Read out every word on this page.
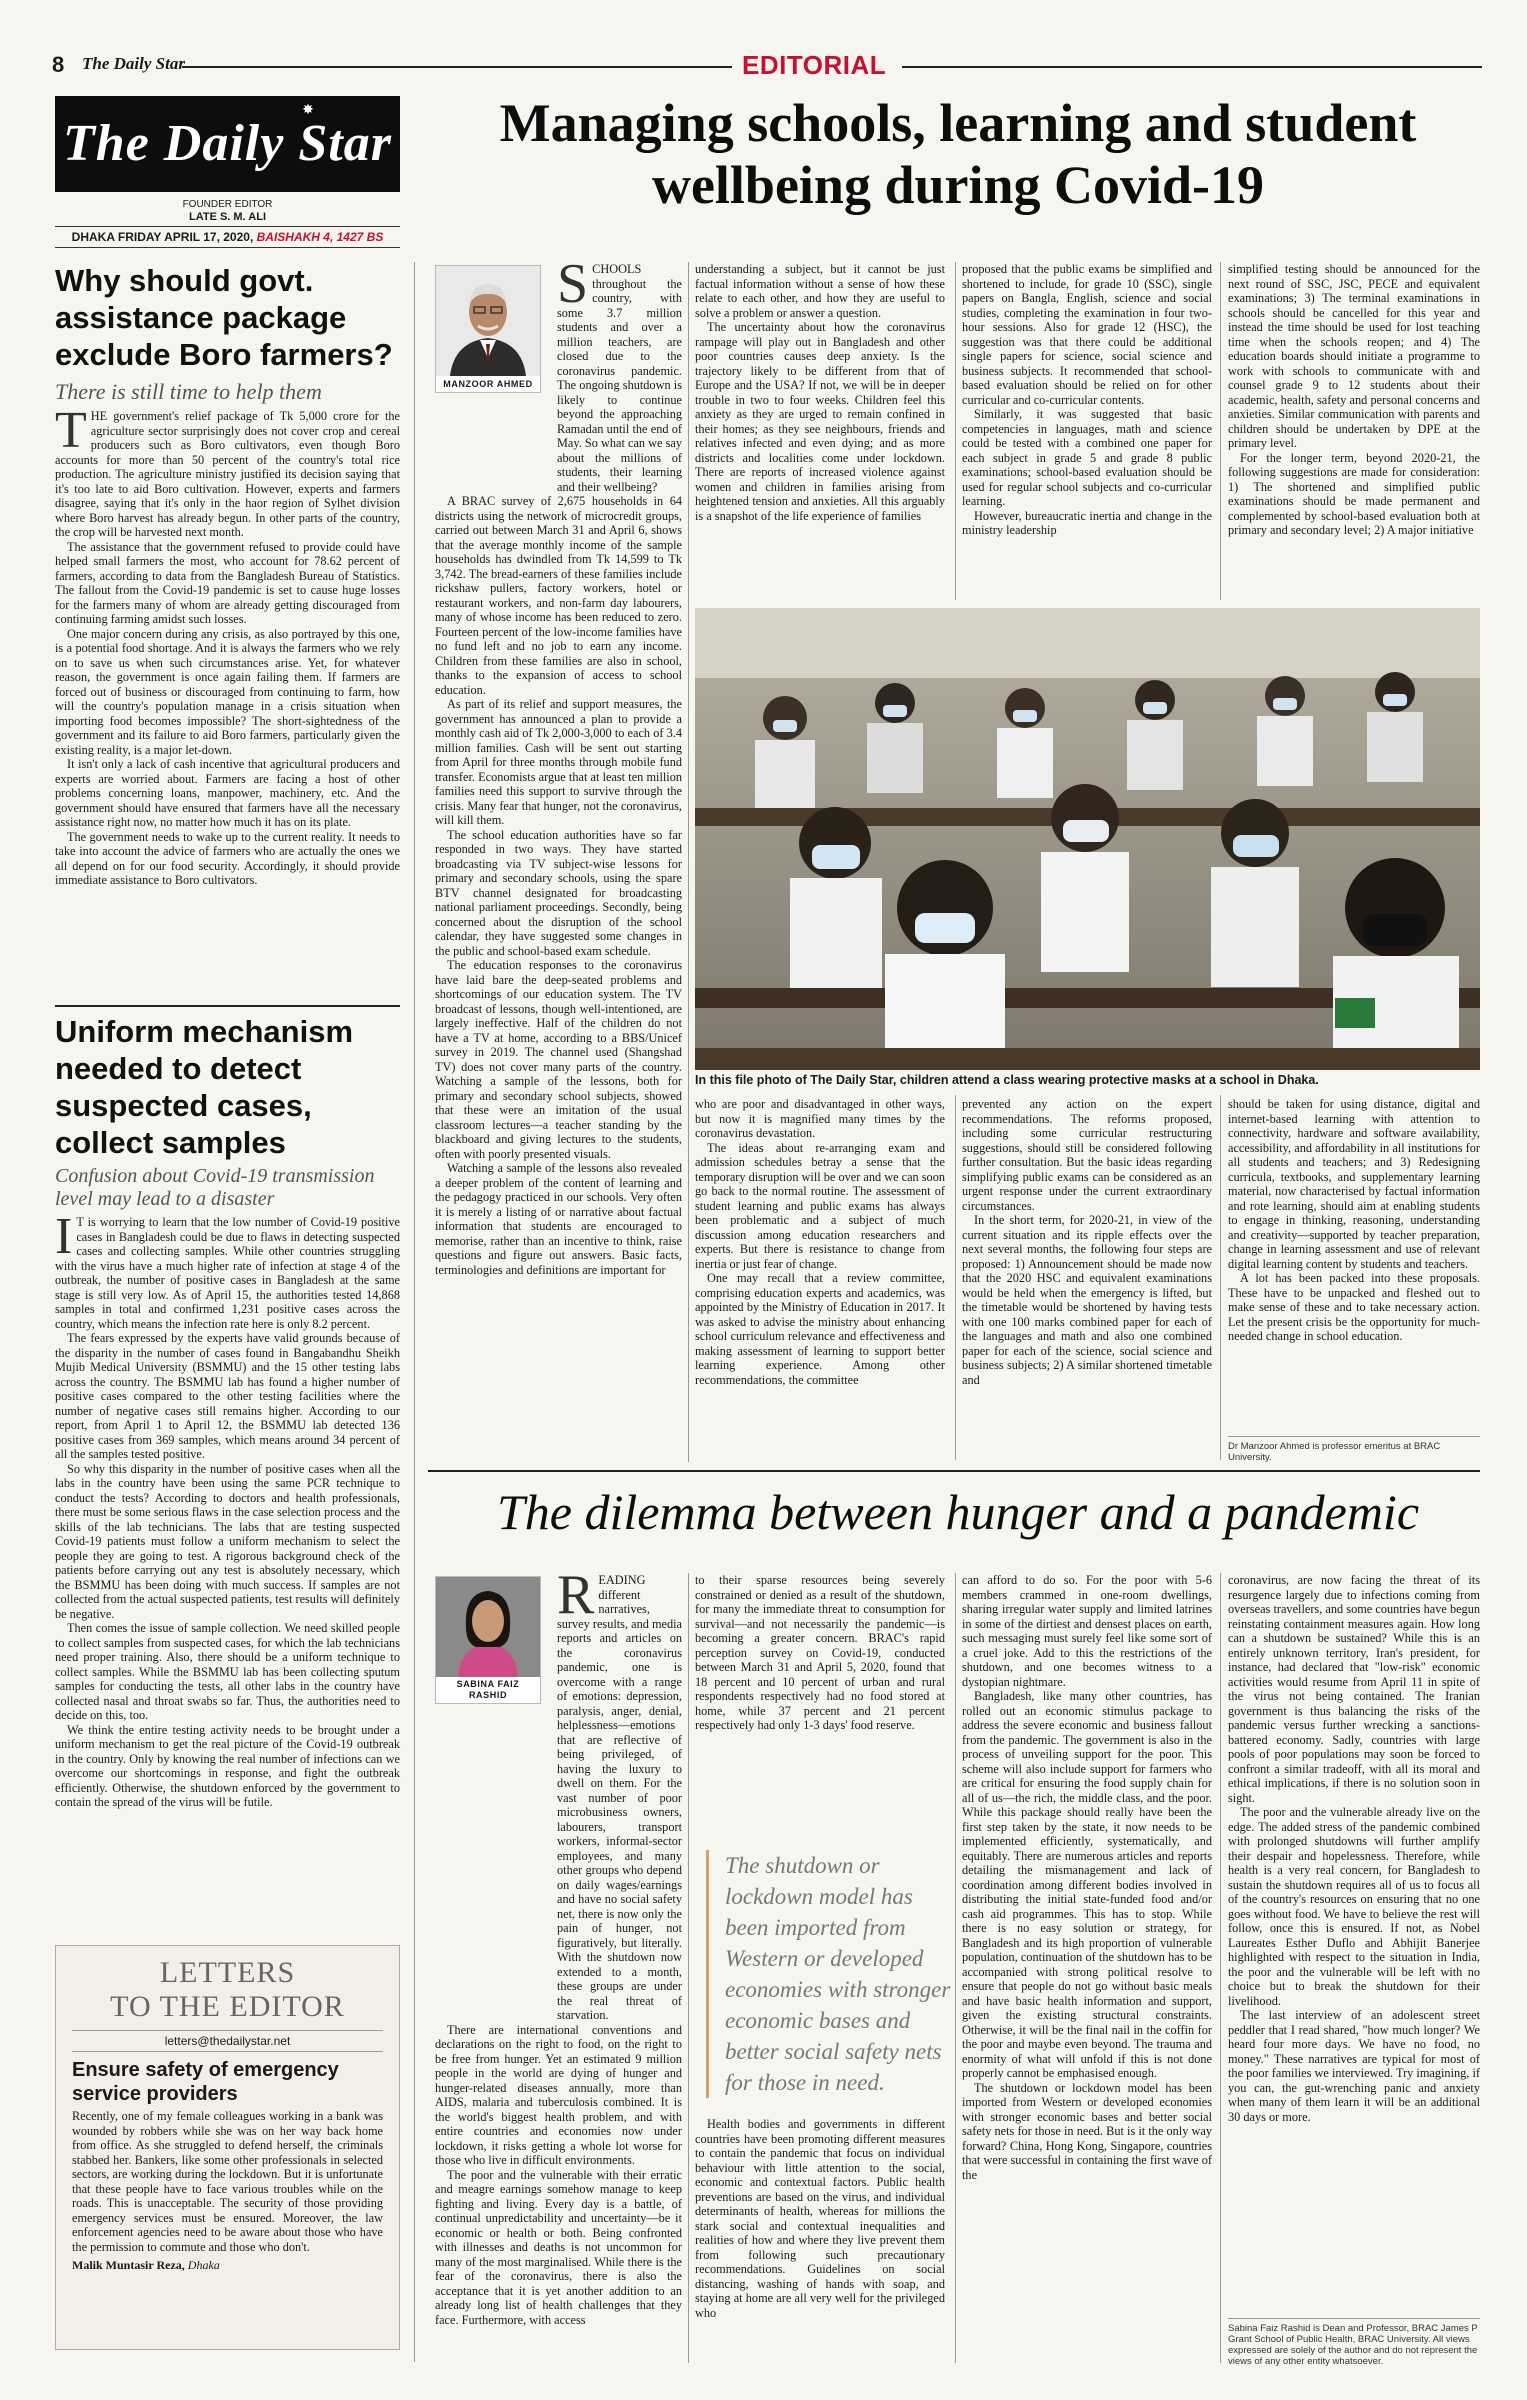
8 The Daily Star	EDITORIAL
The Daily Star
✸
FOUNDER EDITOR
LATE S. M. ALI
DHAKA FRIDAY APRIL 17, 2020, BAISHAKH 4, 1427 BS
Why should govt. assistance package exclude Boro farmers?
There is still time to help them

THE government's relief package of Tk 5,000 crore for the agriculture sector surprisingly does not cover crop and cereal producers such as Boro cultivators, even though Boro accounts for more than 50 percent of the country's total rice production. The agriculture ministry justified its decision saying that it's too late to aid Boro cultivation. However, experts and farmers disagree, saying that it's only in the haor region of Sylhet division where Boro harvest has already begun. In other parts of the country, the crop will be harvested next month.

The assistance that the government refused to provide could have helped small farmers the most, who account for 78.62 percent of farmers, according to data from the Bangladesh Bureau of Statistics. The fallout from the Covid-19 pandemic is set to cause huge losses for the farmers many of whom are already getting discouraged from continuing farming amidst such losses.

One major concern during any crisis, as also portrayed by this one, is a potential food shortage. And it is always the farmers who we rely on to save us when such circumstances arise. Yet, for whatever reason, the government is once again failing them. If farmers are forced out of business or discouraged from continuing to farm, how will the country's population manage in a crisis situation when importing food becomes impossible? The short-sightedness of the government and its failure to aid Boro farmers, particularly given the existing reality, is a major let-down.

It isn't only a lack of cash incentive that agricultural producers and experts are worried about. Farmers are facing a host of other problems concerning loans, manpower, machinery, etc. And the government should have ensured that farmers have all the necessary assistance right now, no matter how much it has on its plate.

The government needs to wake up to the current reality. It needs to take into account the advice of farmers who are actually the ones we all depend on for our food security. Accordingly, it should provide immediate assistance to Boro cultivators.

Uniform mechanism needed to detect suspected cases, collect samples
Confusion about Covid-19 transmission level may lead to a disaster

I T is worrying to learn that the low number of Covid-19 positive cases in Bangladesh could be due to flaws in detecting suspected cases and collecting samples. While other countries struggling with the virus have a much higher rate of infection at stage 4 of the outbreak, the number of positive cases in Bangladesh at the same stage is still very low. As of April 15, the authorities tested 14,868 samples in total and confirmed 1,231 positive cases across the country, which means the infection rate here is only 8.2 percent.

The fears expressed by the experts have valid grounds because of the disparity in the number of cases found in Bangabandhu Sheikh Mujib Medical University (BSMMU) and the 15 other testing labs across the country. The BSMMU lab has found a higher number of positive cases compared to the other testing facilities where the number of negative cases still remains higher. According to our report, from April 1 to April 12, the BSMMU lab detected 136 positive cases from 369 samples, which means around 34 percent of all the samples tested positive.

So why this disparity in the number of positive cases when all the labs in the country have been using the same PCR technique to conduct the tests? According to doctors and health professionals, there must be some serious flaws in the case selection process and the skills of the lab technicians. The labs that are testing suspected Covid-19 patients must follow a uniform mechanism to select the people they are going to test. A rigorous background check of the patients before carrying out any test is absolutely necessary, which the BSMMU has been doing with much success. If samples are not collected from the actual suspected patients, test results will definitely be negative.

Then comes the issue of sample collection. We need skilled people to collect samples from suspected cases, for which the lab technicians need proper training. Also, there should be a uniform technique to collect samples. While the BSMMU lab has been collecting sputum samples for conducting the tests, all other labs in the country have collected nasal and throat swabs so far. Thus, the authorities need to decide on this, too.

We think the entire testing activity needs to be brought under a uniform mechanism to get the real picture of the Covid-19 outbreak in the country. Only by knowing the real number of infections can we overcome our shortcomings in response, and fight the outbreak efficiently. Otherwise, the shutdown enforced by the government to contain the spread of the virus will be futile.

LETTERS
TO THE EDITOR
letters@thedailystar.net
Ensure safety of emergency service providers
Recently, one of my female colleagues working in a bank was wounded by robbers while she was on her way back home from office. As she struggled to defend herself, the criminals stabbed her. Bankers, like some other professionals in selected sectors, are working during the lockdown. But it is unfortunate that these people have to face various troubles while on the roads. This is unacceptable. The security of those providing emergency services must be ensured. Moreover, the law enforcement agencies need to be aware about those who have the permission to commute and those who don't.
Malik Muntasir Reza, Dhaka
Managing schools, learning and student wellbeing during Covid-19
MANZOOR AHMED

SCHOOLS throughout the country, with some 3.7 million students and over a million teachers, are closed due to the coronavirus pandemic. The ongoing shutdown is likely to continue beyond the approaching Ramadan until the end of May. So what can we say about the millions of students, their learning and their wellbeing?

A BRAC survey of 2,675 households in 64 districts using the network of microcredit groups, carried out between March 31 and April 6, shows that the average monthly income of the sample households has dwindled from Tk 14,599 to Tk 3,742. The bread-earners of these families include rickshaw pullers, factory workers, hotel or restaurant workers, and non-farm day labourers, many of whose income has been reduced to zero. Fourteen percent of the low-income families have no fund left and no job to earn any income. Children from these families are also in school, thanks to the expansion of access to school education.

As part of its relief and support measures, the government has announced a plan to provide a monthly cash aid of Tk 2,000-3,000 to each of 3.4 million families. Cash will be sent out starting from April for three months through mobile fund transfer. Economists argue that at least ten million families need this support to survive through the crisis. Many fear that hunger, not the coronavirus, will kill them.

The school education authorities have so far responded in two ways. They have started broadcasting via TV subject-wise lessons for primary and secondary schools, using the spare BTV channel designated for broadcasting national parliament proceedings. Secondly, being concerned about the disruption of the school calendar, they have suggested some changes in the public and school-based exam schedule.

The education responses to the coronavirus have laid bare the deep-seated problems and shortcomings of our education system. The TV broadcast of lessons, though well-intentioned, are largely ineffective. Half of the children do not have a TV at home, according to a BBS/Unicef survey in 2019. The channel used (Shangshad TV) does not cover many parts of the country. Watching a sample of the lessons, both for primary and secondary school subjects, showed that these were an imitation of the usual classroom lectures—a teacher standing by the blackboard and giving lectures to the students, often with poorly presented visuals.

Watching a sample of the lessons also revealed a deeper problem of the content of learning and the pedagogy practiced in our schools. Very often it is merely a listing of or narrative about factual information that students are encouraged to memorise, rather than an incentive to think, raise questions and figure out answers. Basic facts, terminologies and definitions are important for

understanding a subject, but it cannot be just factual information without a sense of how these relate to each other, and how they are useful to solve a problem or answer a question.

The uncertainty about how the coronavirus rampage will play out in Bangladesh and other poor countries causes deep anxiety. Is the trajectory likely to be different from that of Europe and the USA? If not, we will be in deeper trouble in two to four weeks. Children feel this anxiety as they are urged to remain confined in their homes; as they see neighbours, friends and relatives infected and even dying; and as more districts and localities come under lockdown. There are reports of increased violence against women and children in families arising from heightened tension and anxieties. All this arguably is a snapshot of the life experience of families

who are poor and disadvantaged in other ways, but now it is magnified many times by the coronavirus devastation.

The ideas about re-arranging exam and admission schedules betray a sense that the temporary disruption will be over and we can soon go back to the normal routine. The assessment of student learning and public exams has always been problematic and a subject of much discussion among education researchers and experts. But there is resistance to change from inertia or just fear of change.

One may recall that a review committee, comprising education experts and academics, was appointed by the Ministry of Education in 2017. It was asked to advise the ministry about enhancing school curriculum relevance and effectiveness and making assessment of learning to support better learning experience. Among other recommendations, the committee

proposed that the public exams be simplified and shortened to include, for grade 10 (SSC), single papers on Bangla, English, science and social studies, completing the examination in four two-hour sessions. Also for grade 12 (HSC), the suggestion was that there could be additional single papers for science, social science and business subjects. It recommended that school-based evaluation should be relied on for other curricular and co-curricular contents.

Similarly, it was suggested that basic competencies in languages, math and science could be tested with a combined one paper for each subject in grade 5 and grade 8 public examinations; school-based evaluation should be used for regular school subjects and co-curricular learning.

However, bureaucratic inertia and change in the ministry leadership

prevented any action on the expert recommendations. The reforms proposed, including some curricular restructuring suggestions, should still be considered following further consultation. But the basic ideas regarding simplifying public exams can be considered as an urgent response under the current extraordinary circumstances.

In the short term, for 2020-21, in view of the current situation and its ripple effects over the next several months, the following four steps are proposed: 1) Announcement should be made now that the 2020 HSC and equivalent examinations would be held when the emergency is lifted, but the timetable would be shortened by having tests with one 100 marks combined paper for each of the languages and math and also one combined paper for each of the science, social science and business subjects; 2) A similar shortened timetable and

simplified testing should be announced for the next round of SSC, JSC, PECE and equivalent examinations; 3) The terminal examinations in schools should be cancelled for this year and instead the time should be used for lost teaching time when the schools reopen; and 4) The education boards should initiate a programme to work with schools to communicate with and counsel grade 9 to 12 students about their academic, health, safety and personal concerns and anxieties. Similar communication with parents and children should be undertaken by DPE at the primary level.

For the longer term, beyond 2020-21, the following suggestions are made for consideration: 1) The shortened and simplified public examinations should be made permanent and complemented by school-based evaluation both at primary and secondary level; 2) A major initiative

should be taken for using distance, digital and internet-based learning with attention to connectivity, hardware and software availability, accessibility, and affordability in all institutions for all students and teachers; and 3) Redesigning curricula, textbooks, and supplementary learning material, now characterised by factual information and rote learning, should aim at enabling students to engage in thinking, reasoning, understanding and creativity—supported by teacher preparation, change in learning assessment and use of relevant digital learning content by students and teachers.

A lot has been packed into these proposals. These have to be unpacked and fleshed out to make sense of these and to take necessary action. Let the present crisis be the opportunity for much-needed change in school education.

Dr Manzoor Ahmed is professor emeritus at BRAC University.
In this file photo of The Daily Star, children attend a class wearing protective masks at a school in Dhaka.
The dilemma between hunger and a pandemic
SABINA FAIZ
RASHID

READING different narratives, survey results, and media reports and articles on the coronavirus pandemic, one is overcome with a range of emotions: depression, paralysis, anger, denial, helplessness—emotions that are reflective of being privileged, of having the luxury to dwell on them. For the vast number of poor microbusiness owners, labourers, transport workers, informal-sector employees, and many other groups who depend on daily wages/earnings and have no social safety net, there is now only the pain of hunger, not figuratively, but literally. With the shutdown now extended to a month, these groups are under the real threat of starvation.

There are international conventions and declarations on the right to food, on the right to be free from hunger. Yet an estimated 9 million people in the world are dying of hunger and hunger-related diseases annually, more than AIDS, malaria and tuberculosis combined. It is the world's biggest health problem, and with entire countries and economies now under lockdown, it risks getting a whole lot worse for those who live in difficult environments.

The poor and the vulnerable with their erratic and meagre earnings somehow manage to keep fighting and living. Every day is a battle, of continual unpredictability and uncertainty—be it economic or health or both. Being confronted with illnesses and deaths is not uncommon for many of the most marginalised. While there is the fear of the coronavirus, there is also the acceptance that it is yet another addition to an already long list of health challenges that they face. Furthermore, with access

to their sparse resources being severely constrained or denied as a result of the shutdown, for many the immediate threat to consumption for survival—and not necessarily the pandemic—is becoming a greater concern. BRAC's rapid perception survey on Covid-19, conducted between March 31 and April 5, 2020, found that 18 percent and 10 percent of urban and rural respondents respectively had no food stored at home, while 37 percent and 21 percent respectively had only 1-3 days' food reserve.

The shutdown or lockdown model has been imported from Western or developed economies with stronger economic bases and better social safety nets for those in need.

Health bodies and governments in different countries have been promoting different measures to contain the pandemic that focus on individual behaviour with little attention to the social, economic and contextual factors. Public health preventions are based on the virus, and individual determinants of health, whereas for millions the stark social and contextual inequalities and realities of how and where they live prevent them from following such precautionary recommendations. Guidelines on social distancing, washing of hands with soap, and staying at home are all very well for the privileged who

can afford to do so. For the poor with 5-6 members crammed in one-room dwellings, sharing irregular water supply and limited latrines in some of the dirtiest and densest places on earth, such messaging must surely feel like some sort of a cruel joke. Add to this the restrictions of the shutdown, and one becomes witness to a dystopian nightmare.

Bangladesh, like many other countries, has rolled out an economic stimulus package to address the severe economic and business fallout from the pandemic. The government is also in the process of unveiling support for the poor. This scheme will also include support for farmers who are critical for ensuring the food supply chain for all of us—the rich, the middle class, and the poor. While this package should really have been the first step taken by the state, it now needs to be implemented efficiently, systematically, and equitably. There are numerous articles and reports detailing the mismanagement and lack of coordination among different bodies involved in distributing the initial state-funded food and/or cash aid programmes. This has to stop. While there is no easy solution or strategy, for Bangladesh and its high proportion of vulnerable population, continuation of the shutdown has to be accompanied with strong political resolve to ensure that people do not go without basic meals and have basic health information and support, given the existing structural constraints. Otherwise, it will be the final nail in the coffin for the poor and maybe even beyond. The trauma and enormity of what will unfold if this is not done properly cannot be emphasised enough.

The shutdown or lockdown model has been imported from Western or developed economies with stronger economic bases and better social safety nets for those in need. But is it the only way forward? China, Hong Kong, Singapore, countries that were successful in containing the first wave of the

coronavirus, are now facing the threat of its resurgence largely due to infections coming from overseas travellers, and some countries have begun reinstating containment measures again. How long can a shutdown be sustained? While this is an entirely unknown territory, Iran's president, for instance, had declared that "low-risk" economic activities would resume from April 11 in spite of the virus not being contained. The Iranian government is thus balancing the risks of the pandemic versus further wrecking a sanctions-battered economy. Sadly, countries with large pools of poor populations may soon be forced to confront a similar tradeoff, with all its moral and ethical implications, if there is no solution soon in sight.

The poor and the vulnerable already live on the edge. The added stress of the pandemic combined with prolonged shutdowns will further amplify their despair and hopelessness. Therefore, while health is a very real concern, for Bangladesh to sustain the shutdown requires all of us to focus all of the country's resources on ensuring that no one goes without food. We have to believe the rest will follow, once this is ensured. If not, as Nobel Laureates Esther Duflo and Abhijit Banerjee highlighted with respect to the situation in India, the poor and the vulnerable will be left with no choice but to break the shutdown for their livelihood.

The last interview of an adolescent street peddler that I read shared, "how much longer? We heard four more days. We have no food, no money." These narratives are typical for most of the poor families we interviewed. Try imagining, if you can, the gut-wrenching panic and anxiety when many of them learn it will be an additional 30 days or more.

Sabina Faiz Rashid is Dean and Professor, BRAC James P Grant School of Public Health, BRAC University. All views expressed are solely of the author and do not represent the views of any other entity whatsoever.
